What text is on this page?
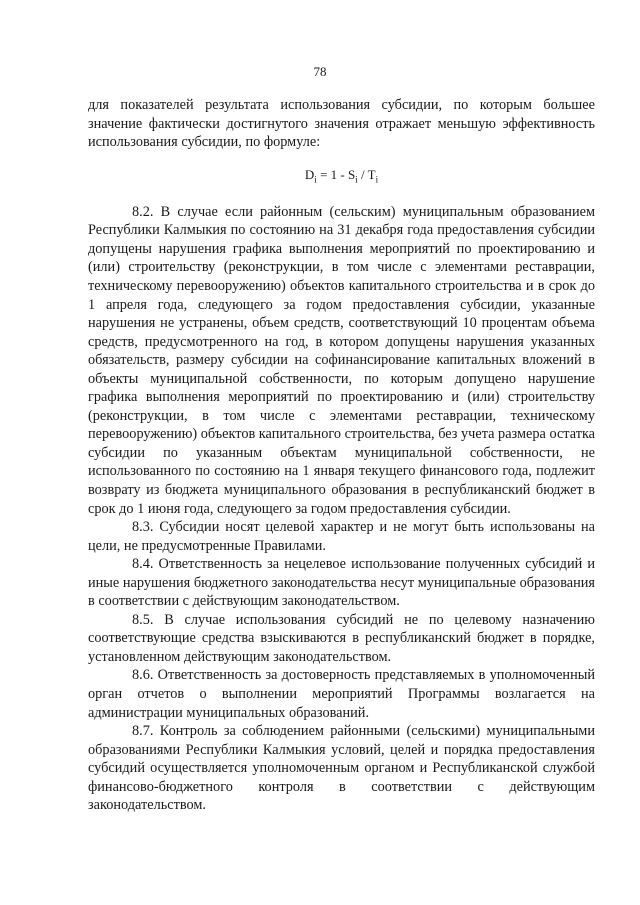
78

для показателей результата использования субсидии, по которым большее значение фактически достигнутого значения отражает меньшую эффективность использования субсидии, по формуле:

$D_i = 1 - S_i / T_i$

8.2. В случае если районным (сельским) муниципальным образованием Республики Калмыкия по состоянию на 31 декабря года предоставления субсидии допущены нарушения графика выполнения мероприятий по проектированию и (или) строительству (реконструкции, в том числе с элементами реставрации, техническому перевооружению) объектов капитального строительства и в срок до 1 апреля года, следующего за годом предоставления субсидии, указанные нарушения не устранены, объем средств, соответствующий 10 процентам объема средств, предусмотренного на год, в котором допущены нарушения указанных обязательств, размеру субсидии на софинансирование капитальных вложений в объекты муниципальной собственности, по которым допущено нарушение графика выполнения мероприятий по проектированию и (или) строительству (реконструкции, в том числе с элементами реставрации, техническому перевооружению) объектов капитального строительства, без учета размера остатка субсидии по указанным объектам муниципальной собственности, не использованного по состоянию на 1 января текущего финансового года, подлежит возврату из бюджета муниципального образования в республиканский бюджет в срок до 1 июня года, следующего за годом предоставления субсидии.

8.3. Субсидии носят целевой характер и не могут быть использованы на цели, не предусмотренные Правилами.

8.4. Ответственность за нецелевое использование полученных субсидий и иные нарушения бюджетного законодательства несут муниципальные образования в соответствии с действующим законодательством.

8.5. В случае использования субсидий не по целевому назначению соответствующие средства взыскиваются в республиканский бюджет в порядке, установленном действующим законодательством.

8.6. Ответственность за достоверность представляемых в уполномоченный орган отчетов о выполнении мероприятий Программы возлагается на администрации муниципальных образований.

8.7. Контроль за соблюдением районными (сельскими) муниципальными образованиями Республики Калмыкия условий, целей и порядка предоставления субсидий осуществляется уполномоченным органом и Республиканской службой финансово-бюджетного контроля в соответствии с действующим законодательством.
